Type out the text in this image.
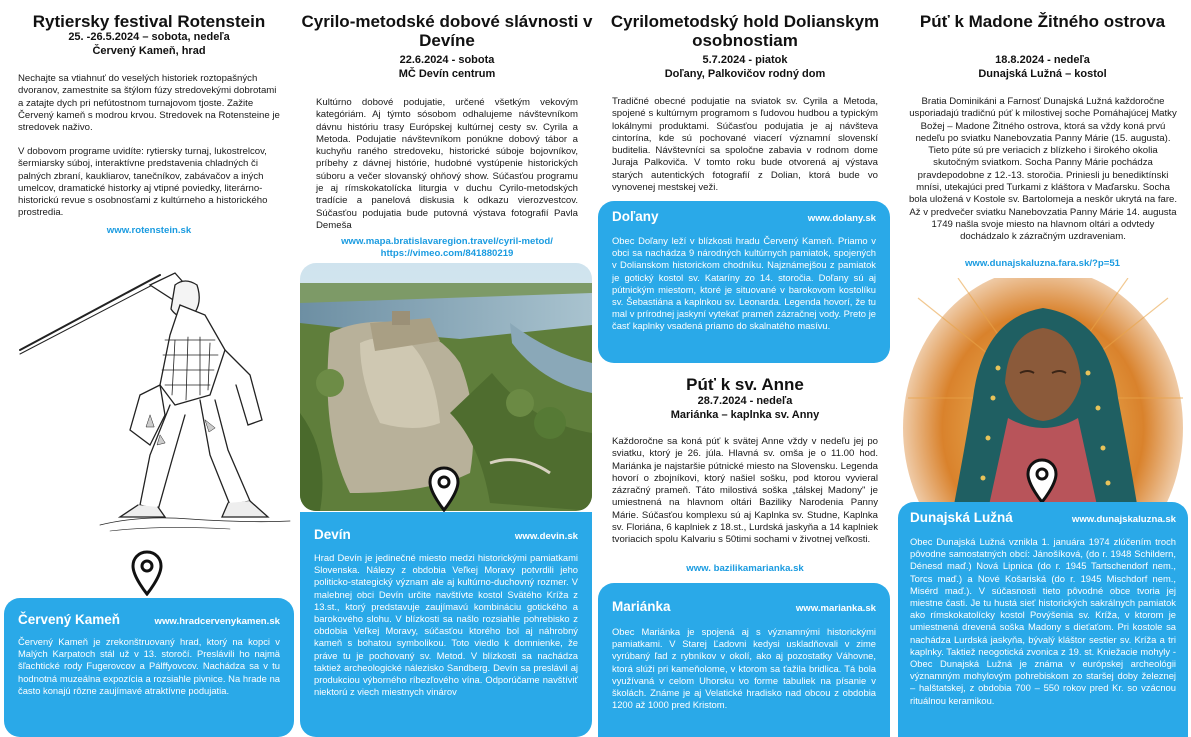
Rytiersky festival Rotenstein
25. -26.5.2024 – sobota, nedeľa
Červený Kameň, hrad
Nechajte sa vtiahnuť do veselých historiek roztopašných dvoranov, zamestnite sa štýlom fúzy stredovekými dobrotami a zatajte dych pri nefútostnom turnajovom tjoste. Zažite Červený kameň s modrou krvou. Stredovek na Rotensteine je stredovek naživo.
V dobovom programe uvidíte: rytiersky turnaj, lukostrelcov, šermiarsky súboj, interaktívne predstavenia chladných či palných zbraní, kaukliarov, tanečníkov, zabávačov a iných umelcov, dramatické historky aj vtipné poviedky, literárno-historickú revue s osobnosťami z kultúrneho a historického prostredia.
www.rotenstein.sk
Červený Kameň	www.hradcervenykamen.sk
Červený Kameň je zrekonštruovaný hrad, ktorý na kopci v Malých Karpatoch stál už v 13. storočí. Preslávili ho najmä šľachtické rody Fugerovcov a Pálffyovcov. Nachádza sa v tu hodnotná muzeálna expozícia a rozsiahle pivnice. Na hrade na často konajú rôzne zaujímavé atraktívne podujatia.
Cyrilo-metodské dobové slávnosti v Devíne
22.6.2024 - sobota
MČ Devín centrum
Kultúrno dobové podujatie, určené všetkým vekovým kategóriám. Aj týmto sósobom odhalujeme návštevníkom dávnu históriu trasy Európskej kultúrnej cesty sv. Cyrila a Metoda. Podujatie návštevníkom ponúkne dobový tábor a kuchyňu raného stredoveku, historické súboje bojovníkov, príbehy z dávnej histórie, hudobné vystúpenie historických súboru a večer slovanský ohňový show. Súčasťou programu je aj rímskokatolícka liturgia v duchu Cyrilo-metodských tradície a panelová diskusia k odkazu vierozvestcov. Súčasťou podujatia bude putovná výstava fotografií Pavla Demeša
www.mapa.bratislavaregion.travel/cyril-metod/
https://vimeo.com/841880219
Devín	www.devin.sk
Hrad Devín je jedinečné miesto medzi historickými pamiatkami Slovenska. Nálezy z obdobia Veľkej Moravy potvrdili jeho politicko-stategický význam ale aj kultúrno-duchovný rozmer. V malebnej obci Devín určite navštívte kostol Svätého Kríža z 13.st., ktorý predstavuje zaujímavú kombináciu gotického a barokového slohu. V blízkosti sa našlo rozsiahle pohrebisko z obdobia Veľkej Moravy, súčasťou ktorého bol aj náhrobný kameň s bohatou symbolikou. Toto viedlo k domnienke, že práve tu je pochovaný sv. Metod. V blízkosti sa nachádza taktiež archeologické nálezisko Sandberg. Devín sa preslávil aj produkciou výborného ríbezľového vína. Odporúčame navštíviť niektorú z viech miestnych vinárov
Cyrilometodský hold Dolianskym osobnostiam
5.7.2024 - piatok
Doľany, Palkovičov rodný dom
Tradičné obecné podujatie na sviatok sv. Cyrila a Metoda, spojené s kultúrnym programom s ľudovou hudbou a typickým lokálnymi produktami. Súčasťou podujatia je aj návšteva cintorína, kde sú pochované viacerí významní slovenskí buditelia. Návštevníci sa spoločne zabavia v rodnom dome Juraja Palkoviča. V tomto roku bude otvorená aj výstava starých autentických fotografií z Dolian, ktorá bude vo vynovenej mestskej veži.
Doľany	www.dolany.sk
Obec Doľany leží v blízkosti hradu Červený Kameň. Priamo v obci sa nachádza 9 národných kultúrnych pamiatok, spojených v Dolianskom historickom chodníku. Najznámejšou z pamiatok je gotický kostol sv. Kataríny zo 14. storočia. Doľany sú aj pútnickým miestom, ktoré je situované v barokovom kostolíku sv. Šebastiána a kaplnkou sv. Leonarda. Legenda hovorí, že tu mal v prírodnej jaskyní vytekať prameň zázračnej vody. Preto je časť kaplnky vsadená priamo do skalnatého masívu.
Púť k sv. Anne
28.7.2024 - nedeľa
Mariánka – kaplnka sv. Anny
Každoročne sa koná púť k svätej Anne vždy v nedeľu jej po sviatku, ktorý je 26. júla. Hlavná sv. omša je o 11.00 hod. Mariánka je najstaršie pútnické miesto na Slovensku. Legenda hovorí o zbojníkovi, ktorý našiel sošku, pod ktorou vyvieral zázračný prameň. Táto milostivá soška „tálskej Madony" je umiestnená na hlavnom oltári Baziliky Narodenia Panny Márie. Súčasťou komplexu sú aj Kaplnka sv. Studne, Kaplnka sv. Floriána, 6 kaplniek z 18.st., Lurdská jaskyňa a 14 kaplniek tvoriacich spolu Kalvariu s 50timi sochami v životnej veľkosti.
www. bazilikamarianka.sk
Mariánka	www.marianka.sk
Obec Mariánka je spojená aj s významnými historickými pamiatkami. V Starej Ľadovni kedysi uskladňovali v zime vyrúbaný ľad z rybníkov v okolí, ako aj pozostatky Váhovne, ktorá slúži pri kameňolome, v ktorom sa ťažila bridlica. Tá bola využívaná v celom Uhorsku vo forme tabuliek na písanie v školách. Známe je aj Velatické hradisko nad obcou z obdobia 1200 až 1000 pred Kristom.
Púť k Madone Žitného ostrova
18.8.2024 - nedeľa
Dunajská Lužná – kostol
Bratia Dominikáni a Farnosť Dunajská Lužná každoročne usporiadajú tradičnú púť k milostivej soche Pomáhajúcej Matky Božej – Madone Žitného ostrova, ktorá sa vždy koná prvú nedeľu po sviatku Nanebovzatia Panny Márie (15. augusta). Tieto púte sú pre veriacich z blízkeho i širokého okolia skutočným sviatkom. Socha Panny Márie pochádza pravdepodobne z 12.-13. storočia. Priniesli ju benediktínski mnísi, utekajúci pred Turkami z kláštora v Maďarsku. Socha bola uložená v Kostole sv. Bartolomeja a neskôr ukrytá na fare. Až v predvečer sviatku Nanebovzatia Panny Márie 14. augusta 1749 našla svoje miesto na hlavnom oltári a odvtedy dochádzalo k zázračným uzdraveniam.
www.dunajskaluzna.fara.sk/?p=51
Dunajská Lužná	www.dunajskaluzna.sk
Obec Dunajská Lužná vznikla 1. januára 1974 zlúčením troch pôvodne samostatných obcí: Jánošíková, (do r. 1948 Schildern, Dénesd maď.) Nová Lipnica (do r. 1945 Tartschendorf nem., Torcs maď.) a Nové Košariská (do r. 1945 Mischdorf nem., Misérd maď.). V súčasnosti tieto pôvodné obce tvoria jej miestne časti. Je tu hustá sieť historických sakrálnych pamiatok ako rímskokatolícky kostol Povýšenia sv. Kríža, v ktorom je umiestnená drevená soška Madony s dieťaťom. Pri kostole sa nachádza Lurdská jaskyňa, bývalý kláštor sestier sv. Kríža a tri kaplnky. Taktiež neogotická zvonica z 19. st. Kniežacie mohyly - Obec Dunajská Lužná je známa v európskej archeológii významným mohylovým pohrebiskom zo staršej doby železnej – halštatskej, z obdobia 700 – 550 rokov pred Kr. so vzácnou rituálnou keramikou.
